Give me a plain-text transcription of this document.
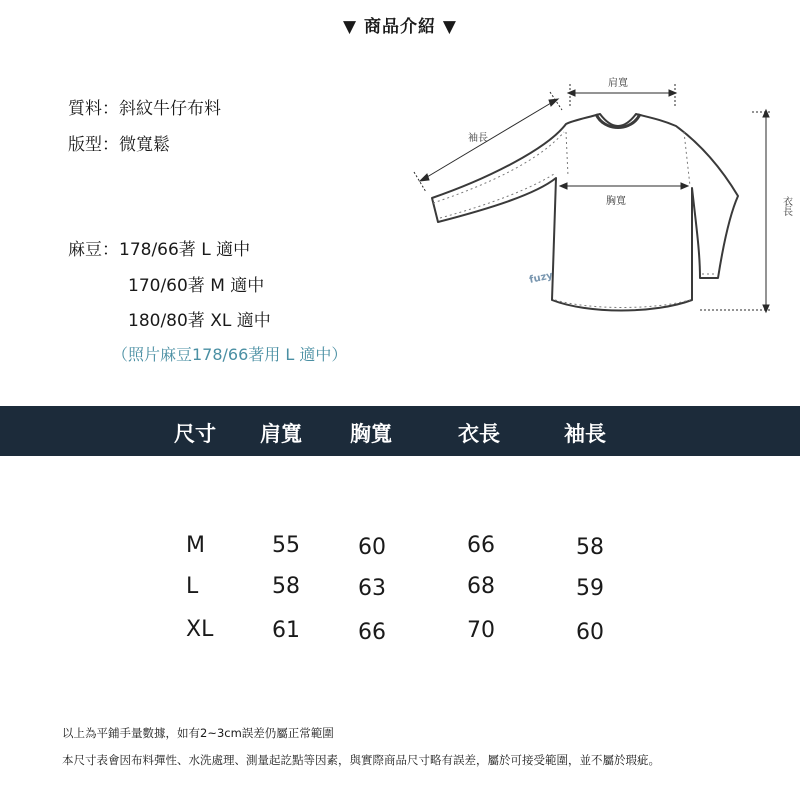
▼ 商品介紹 ▼
質料：斜紋牛仔布料
版型：微寬鬆
麻豆：178/66著 L 適中
170/60著 M 適中
180/80著 XL 適中
（照片麻豆178/66著用 L 適中）
肩寬
袖長
胸寬	衣長
fuzy
尺寸 肩寬 胸寬	衣長	袖長
M	55	60	66	58
L	58	63	68	59
XL	61	66	70	60
以上為平鋪手量數據，如有2~3cm誤差仍屬正常範圍
本尺寸表會因布料彈性、水洗處理、測量起訖點等因素，與實際商品尺寸略有誤差，屬於可接受範圍，並不屬於瑕疵。
